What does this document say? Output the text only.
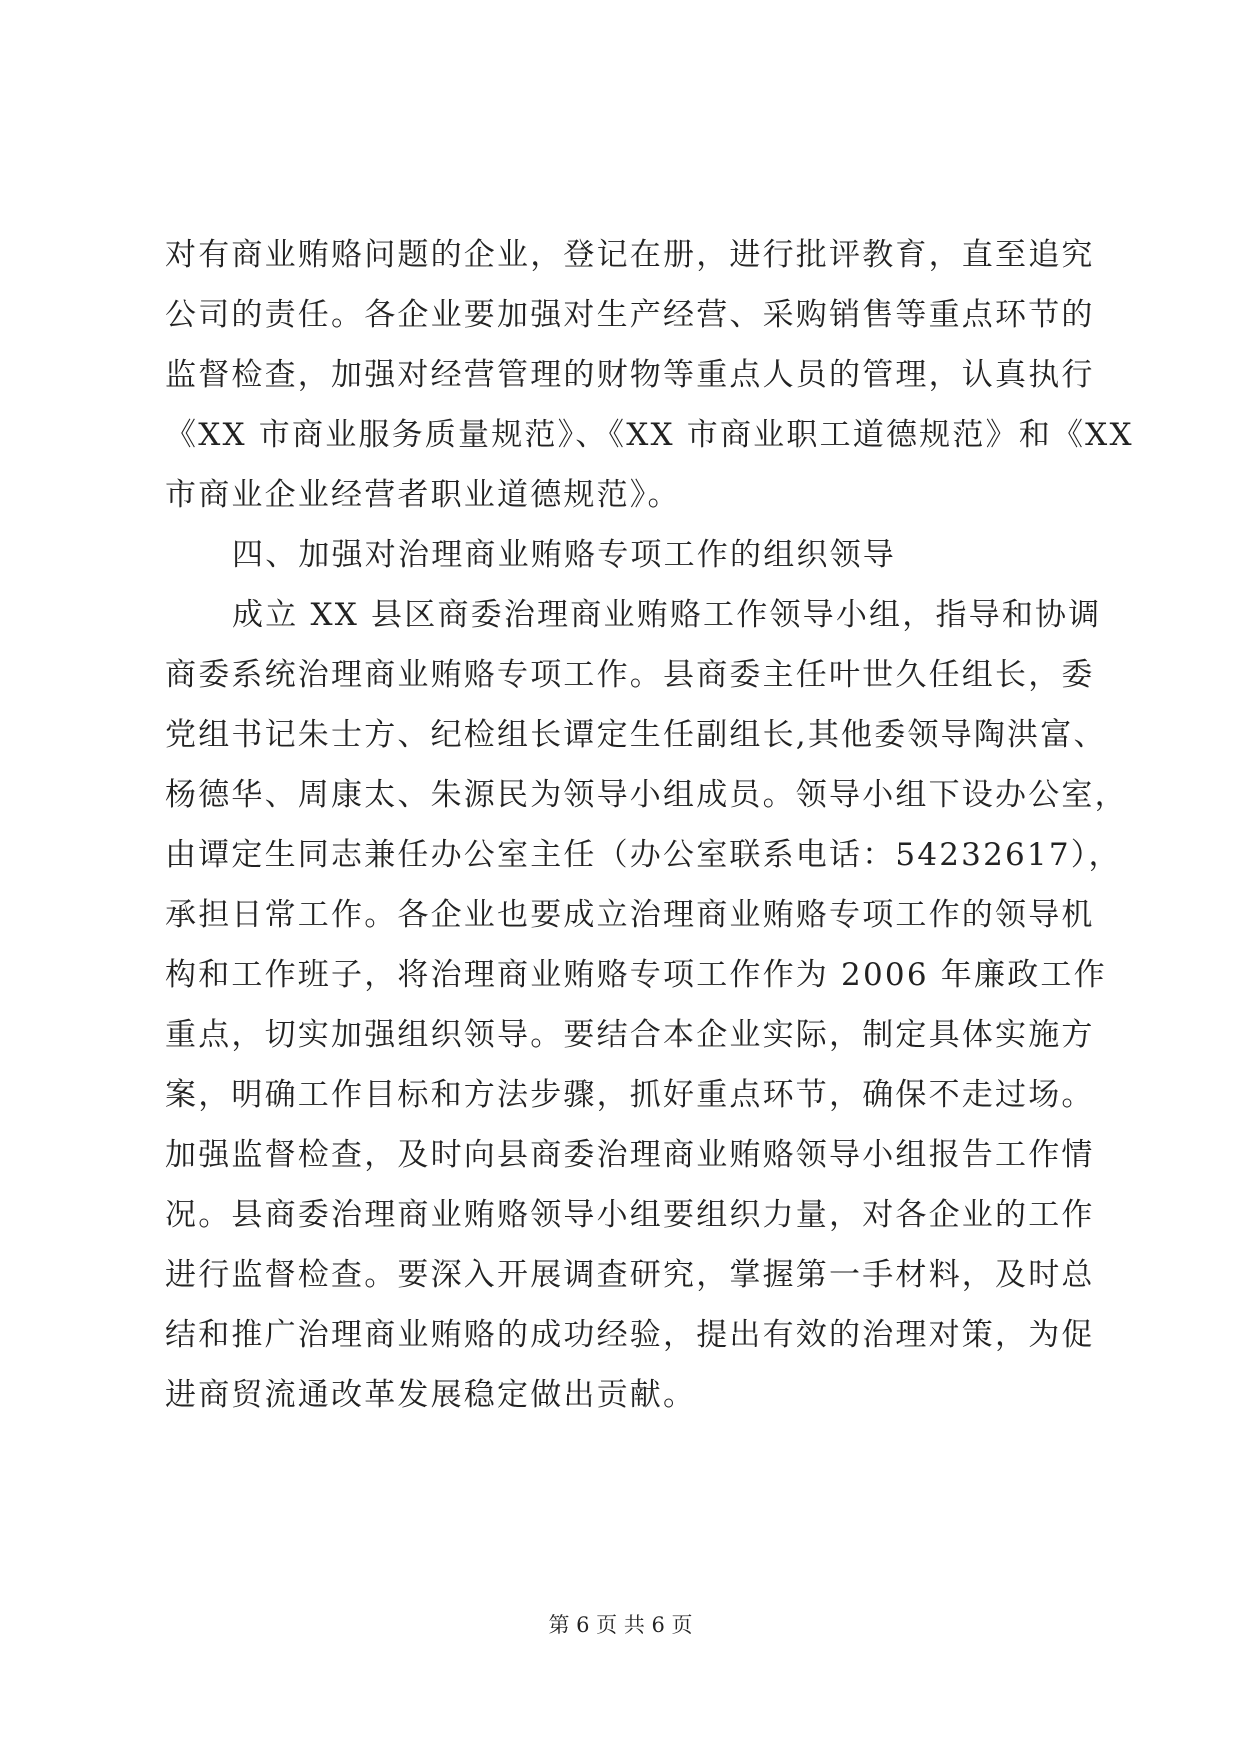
对有商业贿赂问题的企业，登记在册，进行批评教育，直至追究
公司的责任。各企业要加强对生产经营、采购销售等重点环节的
监督检查，加强对经营管理的财物等重点人员的管理，认真执行
《XX 市商业服务质量规范》、《XX 市商业职工道德规范》和《XX
市商业企业经营者职业道德规范》。
四、加强对治理商业贿赂专项工作的组织领导
成立 XX 县区商委治理商业贿赂工作领导小组，指导和协调
商委系统治理商业贿赂专项工作。县商委主任叶世久任组长，委
党组书记朱士方、纪检组长谭定生任副组长,其他委领导陶洪富、
杨德华、周康太、朱源民为领导小组成员。领导小组下设办公室，
由谭定生同志兼任办公室主任（办公室联系电话：54232617），
承担日常工作。各企业也要成立治理商业贿赂专项工作的领导机
构和工作班子，将治理商业贿赂专项工作作为 2006 年廉政工作
重点，切实加强组织领导。要结合本企业实际，制定具体实施方
案，明确工作目标和方法步骤，抓好重点环节，确保不走过场。
加强监督检查，及时向县商委治理商业贿赂领导小组报告工作情
况。县商委治理商业贿赂领导小组要组织力量，对各企业的工作
进行监督检查。要深入开展调查研究，掌握第一手材料，及时总
结和推广治理商业贿赂的成功经验，提出有效的治理对策，为促
进商贸流通改革发展稳定做出贡献。
第 6 页 共 6 页
